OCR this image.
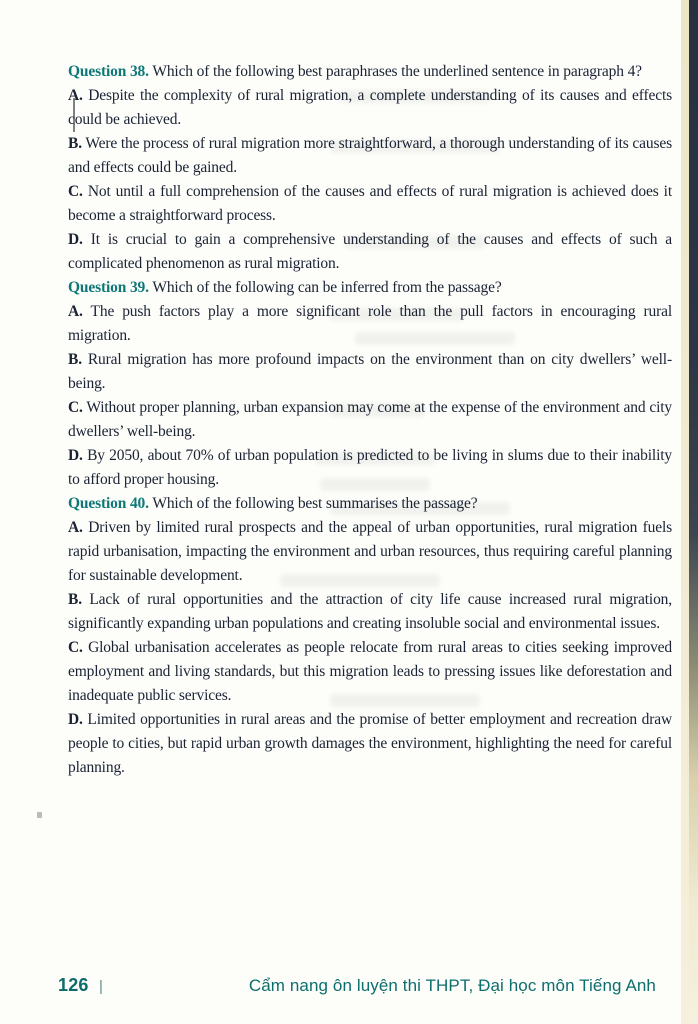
Question 38. Which of the following best paraphrases the underlined sentence in paragraph 4?

A. Despite the complexity of rural migration, a complete understanding of its causes and effects could be achieved.

B. Were the process of rural migration more straightforward, a thorough understanding of its causes and effects could be gained.

C. Not until a full comprehension of the causes and effects of rural migration is achieved does it become a straightforward process.

D. It is crucial to gain a comprehensive understanding of the causes and effects of such a complicated phenomenon as rural migration.

Question 39. Which of the following can be inferred from the passage?

A. The push factors play a more significant role than the pull factors in encouraging rural migration.

B. Rural migration has more profound impacts on the environment than on city dwellers’ well-being.

C. Without proper planning, urban expansion may come at the expense of the environment and city dwellers’ well-being.

D. By 2050, about 70% of urban population is predicted to be living in slums due to their inability to afford proper housing.

Question 40. Which of the following best summarises the passage?

A. Driven by limited rural prospects and the appeal of urban opportunities, rural migration fuels rapid urbanisation, impacting the environment and urban resources, thus requiring careful planning for sustainable development.

B. Lack of rural opportunities and the attraction of city life cause increased rural migration, significantly expanding urban populations and creating insoluble social and environmental issues.

C. Global urbanisation accelerates as people relocate from rural areas to cities seeking improved employment and living standards, but this migration leads to pressing issues like deforestation and inadequate public services.

D. Limited opportunities in rural areas and the promise of better employment and recreation draw people to cities, but rapid urban growth damages the environment, highlighting the need for careful planning.

126 |	Cẩm nang ôn luyện thi THPT, Đại học môn Tiếng Anh
